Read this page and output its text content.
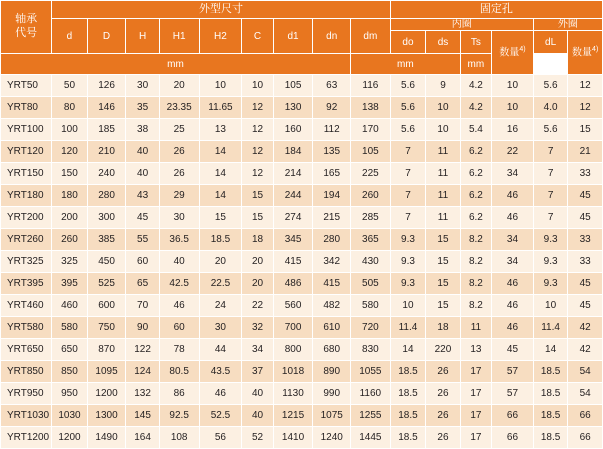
轴承
代号	外型尺寸									固定孔					
	d	D	H	H1	H2	C	d1	dn	dm	内圈				外圈	
										do	ds	Ts	数量$^{4)}$	dL	数量$^{4)}$
mm									mm			mm			
YRT50	50	126	30	20	10	10	105	63	116	5.6	9	4.2	10	5.6	12
YRT80	80	146	35	23.35	11.65	12	130	92	138	5.6	10	4.2	10	4.0	12
YRT100	100	185	38	25	13	12	160	112	170	5.6	10	5.4	16	5.6	15
YRT120	120	210	40	26	14	12	184	135	105	7	11	6.2	22	7	21
YRT150	150	240	40	26	14	12	214	165	225	7	11	6.2	34	7	33
YRT180	180	280	43	29	14	15	244	194	260	7	11	6.2	46	7	45
YRT200	200	300	45	30	15	15	274	215	285	7	11	6.2	46	7	45
YRT260	260	385	55	36.5	18.5	18	345	280	365	9.3	15	8.2	34	9.3	33
YRT325	325	450	60	40	20	20	415	342	430	9.3	15	8.2	34	9.3	33
YRT395	395	525	65	42.5	22.5	20	486	415	505	9.3	15	8.2	46	9.3	45
YRT460	460	600	70	46	24	22	560	482	580	10	15	8.2	46	10	45
YRT580	580	750	90	60	30	32	700	610	720	11.4	18	11	46	11.4	42
YRT650	650	870	122	78	44	34	800	680	830	14	220	13	45	14	42
YRT850	850	1095	124	80.5	43.5	37	1018	890	1055	18.5	26	17	57	18.5	54
YRT950	950	1200	132	86	46	40	1130	990	1160	18.5	26	17	57	18.5	54
YRT1030	1030	1300	145	92.5	52.5	40	1215	1075	1255	18.5	26	17	66	18.5	66
YRT1200	1200	1490	164	108	56	52	1410	1240	1445	18.5	26	17	66	18.5	66
